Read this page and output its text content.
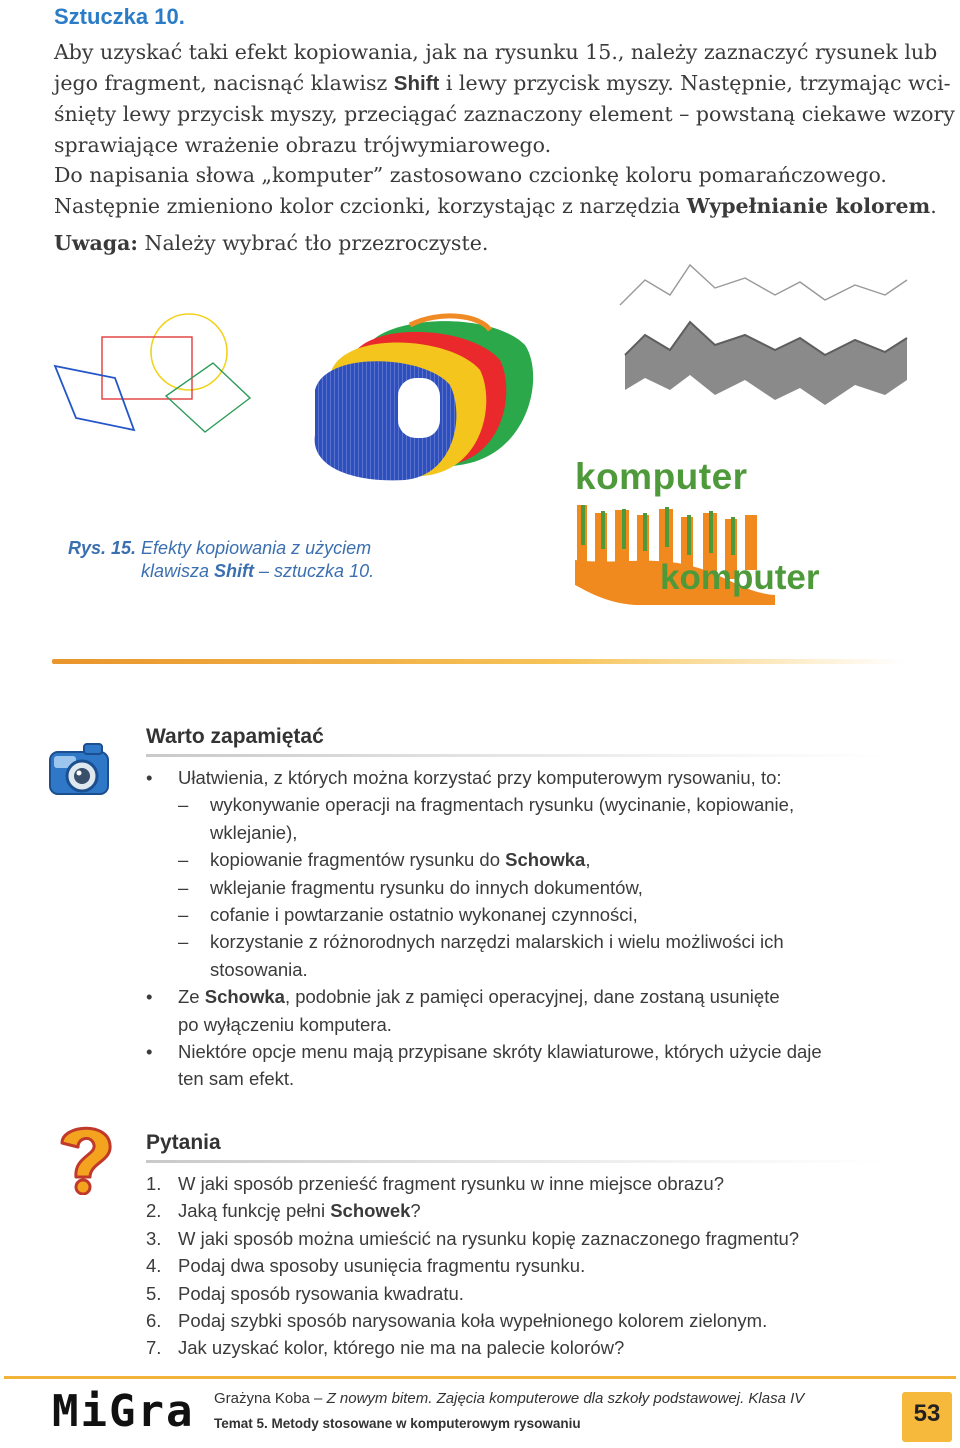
Sztuczka 10.
Aby uzyskać taki efekt kopiowania, jak na rysunku 15., należy zaznaczyć rysunek lub
jego fragment, nacisnąć klawisz Shift i lewy przycisk myszy. Następnie, trzymając wci-
śnięty lewy przycisk myszy, przeciągać zaznaczony element – powstaną ciekawe wzory
sprawiające wrażenie obrazu trójwymiarowego.
Do napisania słowa „komputer” zastosowano czcionkę koloru pomarańczowego.
Następnie zmieniono kolor czcionki, korzystając z narzędzia Wypełnianie kolorem.
Uwaga: Należy wybrać tło przezroczyste.
komputer
komputer
Rys. 15. Efekty kopiowania z użyciem
klawisza Shift – sztuczka 10.
Warto zapamiętać
• Ułatwienia, z których można korzystać przy komputerowym rysowaniu, to:
– wykonywanie operacji na fragmentach rysunku (wycinanie, kopiowanie,
wklejanie),
– kopiowanie fragmentów rysunku do Schowka,
– wklejanie fragmentu rysunku do innych dokumentów,
– cofanie i powtarzanie ostatnio wykonanej czynności,
– korzystanie z różnorodnych narzędzi malarskich i wielu możliwości ich
stosowania.
• Ze Schowka, podobnie jak z pamięci operacyjnej, dane zostaną usunięte
po wyłączeniu komputera.
• Niektóre opcje menu mają przypisane skróty klawiaturowe, których użycie daje
ten sam efekt.
Pytania
1. W jaki sposób przenieść fragment rysunku w inne miejsce obrazu?
2. Jaką funkcję pełni Schowek?
3. W jaki sposób można umieścić na rysunku kopię zaznaczonego fragmentu?
4. Podaj dwa sposoby usunięcia fragmentu rysunku.
5. Podaj sposób rysowania kwadratu.
6. Podaj szybki sposób narysowania koła wypełnionego kolorem zielonym.
7. Jak uzyskać kolor, którego nie ma na palecie kolorów?
MiGra Grażyna Koba – Z nowym bitem. Zajęcia komputerowe dla szkoły podstawowej. Klasa IV
Temat 5. Metody stosowane w komputerowym rysowaniu	53
